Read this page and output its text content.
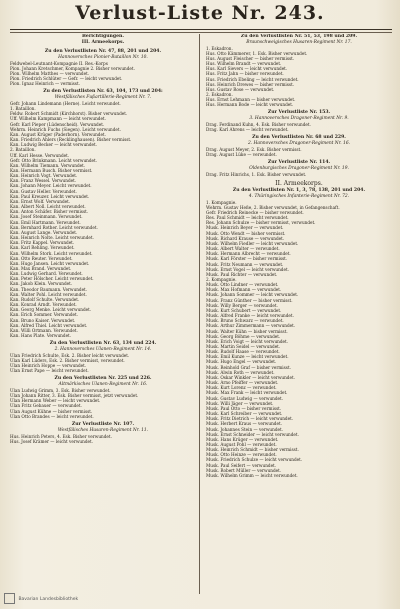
Verlust-Liste Nr. 243.
Berichtigungen.
III. Armeekorps.
Zu den Verlustlisten Nr. 47, 88, 201 und 204.
Hannoversches Pionier-Bataillon Nr. 10.
Feldwebel-Leutnant-Kompagnie II. Res.-Korps
Pion. Johann Kretschmer, Kompagnie 2. Bisher verwundet.
Pion. Wilhelm Matthes — verwundet.
Pion. Friedrich Schlüter — Gefr. — leicht verwundet.
Pion. Ignaz Heinrich — vermisst.
Zu den Verlustlisten Nr. 63, 104, 173 und 204:
Westfälisches Fußartillerie-Regiment Nr. 7.
Gefr. Johann Lindemann (Herne). Leicht verwundet.
1. Bataillon.
Feldw. Robert Schmidt (Kirchhorst). Bisher verwundet.
Uff. Wilhelm Kampmann — leicht verwundet.
Gefr. Karl Pieper (Lüdenscheid). Verwundet.
Wehrm. Heinrich Fuchs (Siegen). Leicht verwundet.
Kan. August Krüger (Paderborn). Verwundet.
Kan. Friedrich Ahlers (Recklinghausen). Bisher vermisst.
Kan. Ludwig Becker — leicht verwundet.
2. Bataillon.
Uff. Karl Hesse. Verwundet.
Gefr. Otto Brinkmann. Leicht verwundet.
Kan. Wilhelm Tiemann. Verwundet.
Kan. Hermann Busch. Bisher vermisst.
Kan. Heinrich Vogt. Verwundet.
Kan. Franz Wessel. Verwundet.
Kan. Johann Meyer. Leicht verwundet.
Kan. Gustav Heller. Verwundet.
Kan. Paul Kreuzer. Leicht verwundet.
Kan. Ernst Wolf. Verwundet.
Kan. Albert Noll. Leicht verwundet.
Kan. Anton Schäfer. Bisher vermisst.
Kan. Josef Steinmann. Verwundet.
Kan. Emil Hartmann. Verwundet.
Kan. Bernhard Rother. Leicht verwundet.
Kan. August Lange. Verwundet.
Kan. Heinrich Nolte. Leicht verwundet.
Kan. Fritz Kappel. Verwundet.
Kan. Karl Rehling. Verwundet.
Kan. Wilhelm Stork. Leicht verwundet.
Kan. Otto Reuter. Verwundet.
Kan. Hugo Jansen. Leicht verwundet.
Kan. Max Brand. Verwundet.
Kan. Ludwig Gerhard. Verwundet.
Kan. Peter Hölscher. Leicht verwundet.
Kan. Jakob Klein. Verwundet.
Kan. Theodor Baumann. Verwundet.
Kan. Walter Pohl. Leicht verwundet.
Kan. Rudolf Schulte. Verwundet.
Kan. Konrad Arndt. Verwundet.
Kan. Georg Menke. Leicht verwundet.
Kan. Erich Sommer. Verwundet.
Kan. Bruno Kaiser. Verwundet.
Kan. Alfred Thiel. Leicht verwundet.
Kan. Willi Ortmann. Verwundet.
Kan. Hans Plate. Verwundet.
Zu den Verlustlisten Nr. 63, 134 und 224.
2. Hannoversches Ulanen-Regiment Nr. 14.
Ulan Friedrich Schulte, Esk. 2. Bisher leicht verwundet.
Ulan Karl Lüders, Esk. 2. Bisher vermisst, verwundet.
Ulan Heinrich Hoppe — verwundet.
Ulan Ernst Pape — leicht verwundet.
Zu den Verlustlisten Nr. 225 und 226.
Altmärkisches Ulanen-Regiment Nr. 16.
Ulan Ludwig Grimm, 3. Esk. Bisher verwundet.
Ulan Johann Ritter, 3. Esk. Bisher vermisst, jetzt verwundet.
Ulan Hermann Weber — leicht verwundet.
Ulan Fritz Gebauer — verwundet.
Ulan August Kühne — bisher vermisst.
Ulan Otto Brandes — leicht verwundet.
Zur Verlustliste Nr. 107.
Westfälisches Husaren-Regiment Nr. 11.
Hus. Heinrich Peters, 4. Esk. Bisher verwundet.
Hus. Josef Krämer — leicht verwundet.
Zu den Verlustlisten Nr. 51, 53, 198 und 209.
Braunschweigisches Husaren-Regiment Nr. 17.
1. Eskadron.
Hus. Otto Kämmerer, 1. Esk. Bisher verwundet.
Hus. August Fleischer — bisher vermisst.
Hus. Wilhelm Brandt — verwundet.
Hus. Karl Sievers — leicht verwundet.
Hus. Fritz Jahn — bisher verwundet.
Hus. Friedrich Ebeling — leicht verwundet.
Hus. Heinrich Drewes — bisher vermisst.
Hus. Gustav Rose — verwundet.
2. Eskadron.
Hus. Ernst Lehmann — bisher verwundet.
Hus. Hermann Bode — leicht verwundet.
Zur Verlustliste Nr. 153.
3. Hannoversches Dragoner-Regiment Nr. 9.
Drag. Ferdinand Kuhn, 4. Esk. Bisher verwundet.
Drag. Karl Ahrens — leicht verwundet.
Zu den Verlustlisten Nr. 68 und 229.
2. Hannoversches Dragoner-Regiment Nr. 16.
Drag. August Meyer, 2. Esk. Bisher vermisst.
Drag. August Lüke — verwundet.
Zur Verlustliste Nr. 114.
Oldenburgisches Dragoner-Regiment Nr. 19.
Drag. Fritz Hinrichs, 1. Esk. Bisher verwundet.
II. Armeekorps.
Zu den Verlustlisten Nr. 1, 3, 78, 138, 201 und 204.
4. Thüringisches Infanterie-Regiment Nr. 72.
1. Kompagnie.
Wehrm. Gustav Heße, 2. Bisher verwundet, in Gefangenschaft.
Gefr. Friedrich Reinecke — bisher verwundet.
Res. Paul Schmidt — leicht verwundet.
Res. Johann Schulze — bisher vermisst, verwundet.
Musk. Heinrich Beyer — verwundet.
Musk. Otto Wendt — bisher vermisst.
Musk. Richard Krause — verwundet.
Musk. Wilhelm Fiedler — leicht verwundet.
Musk. Albert Walter — verwundet.
Musk. Hermann Albrecht — verwundet.
Musk. Karl Förster — bisher vermisst.
Musk. Fritz Neumann — verwundet.
Musk. Ernst Vogel — leicht verwundet.
Musk. Paul Richter — verwundet.
2. Kompagnie.
Musk. Otto Lindner — verwundet.
Musk. Max Hofmann — verwundet.
Musk. Johann Sommer — leicht verwundet.
Musk. Franz Günther — bisher vermisst.
Musk. Willy Berger — verwundet.
Musk. Kurt Schubert — verwundet.
Musk. Alfred Franke — leicht verwundet.
Musk. Bruno Schwarz — verwundet.
Musk. Arthur Zimmermann — verwundet.
Musk. Walter Kühn — bisher vermisst.
Musk. Georg Böhme — verwundet.
Musk. Erich Voigt — leicht verwundet.
Musk. Martin Seidel — verwundet.
Musk. Rudolf Haase — verwundet.
Musk. Emil Kunze — leicht verwundet.
Musk. Hugo Engel — verwundet.
Musk. Reinhold Graf — bisher vermisst.
Musk. Alwin Roth — verwundet.
Musk. Oskar Winkler — leicht verwundet.
Musk. Arno Pfeiffer — verwundet.
Musk. Kurt Lorenz — verwundet.
Musk. Max Frank — leicht verwundet.
Musk. Gustav Ludwig — verwundet.
Musk. Willi Jäger — verwundet.
Musk. Paul Otto — bisher vermisst.
Musk. Karl Schreiber — verwundet.
Musk. Fritz Dietrich — leicht verwundet.
Musk. Herbert Kraus — verwundet.
Musk. Johannes Stein — verwundet.
Musk. Ernst Schneider — leicht verwundet.
Musk. Hans Krüger — verwundet.
Musk. August Pohl — verwundet.
Musk. Heinrich Schmidt — bisher vermisst.
Musk. Otto Heinze — verwundet.
Musk. Friedrich Schulze — leicht verwundet.
Musk. Paul Seifert — verwundet.
Musk. Robert Müller — verwundet.
Musk. Wilhelm Grimm — leicht verwundet.
Bavarian Landesbibliothek
